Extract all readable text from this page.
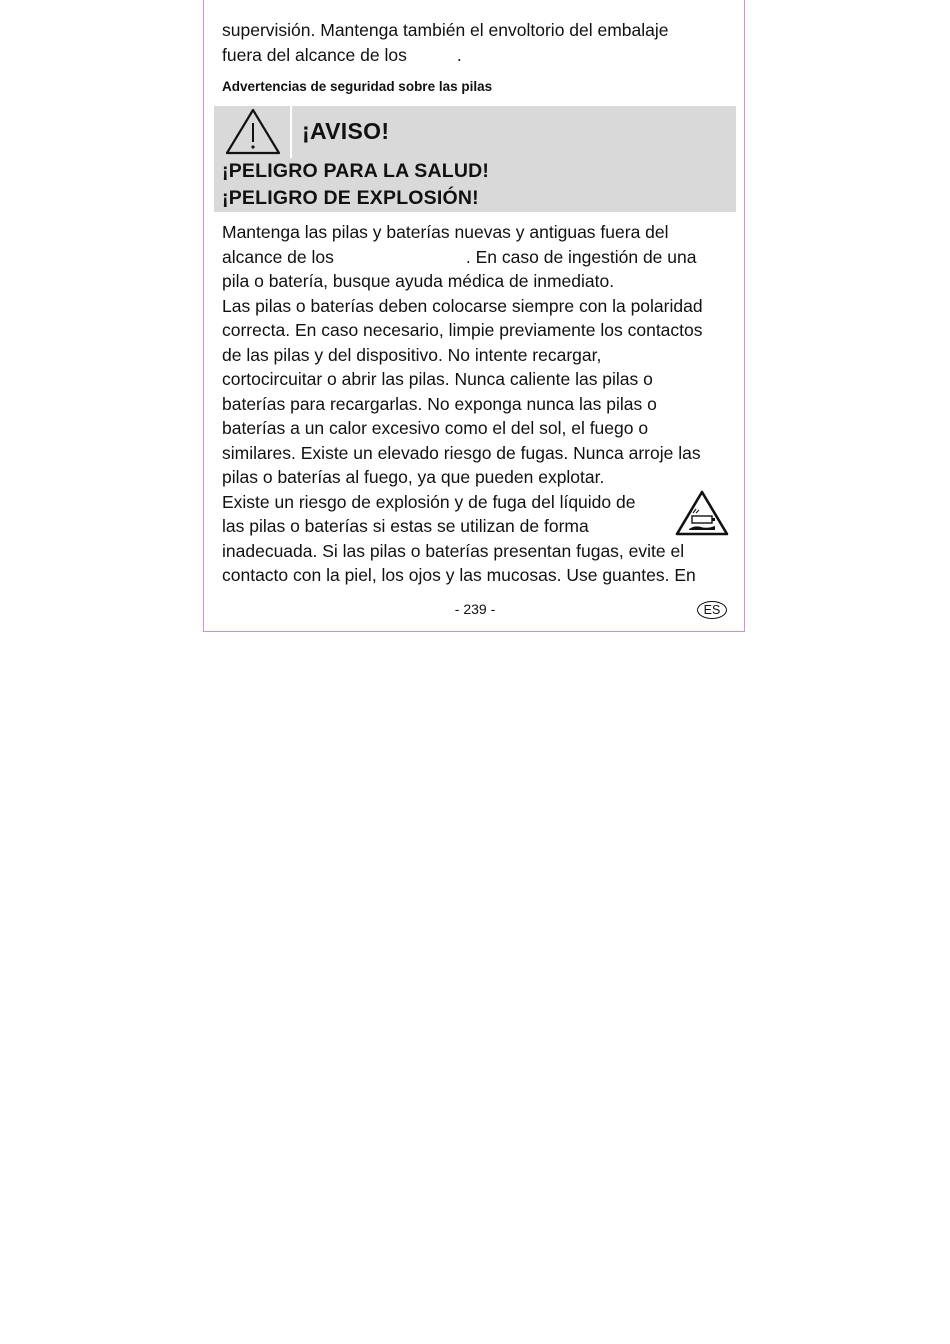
supervisión. Mantenga también el envoltorio del embalaje

fuera del alcance de los	.

Advertencias de seguridad sobre las pilas

¡AVISO!

¡PELIGRO PARA LA SALUD!

¡PELIGRO DE EXPLOSIÓN!

Mantenga las pilas y baterías nuevas y antiguas fuera del

alcance de los	. En caso de ingestión de una

pila o batería, busque ayuda médica de inmediato.

Las pilas o baterías deben colocarse siempre con la polaridad

correcta. En caso necesario, limpie previamente los contactos

de las pilas y del dispositivo. No intente recargar,

cortocircuitar o abrir las pilas. Nunca caliente las pilas o

baterías para recargarlas. No exponga nunca las pilas o

baterías a un calor excesivo como el del sol, el fuego o

similares. Existe un elevado riesgo de fugas. Nunca arroje las

pilas o baterías al fuego, ya que pueden explotar.

Existe un riesgo de explosión y de fuga del líquido de

las pilas o baterías si estas se utilizan de forma

inadecuada. Si las pilas o baterías presentan fugas, evite el

contacto con la piel, los ojos y las mucosas. Use guantes. En

- 239 -	ES
